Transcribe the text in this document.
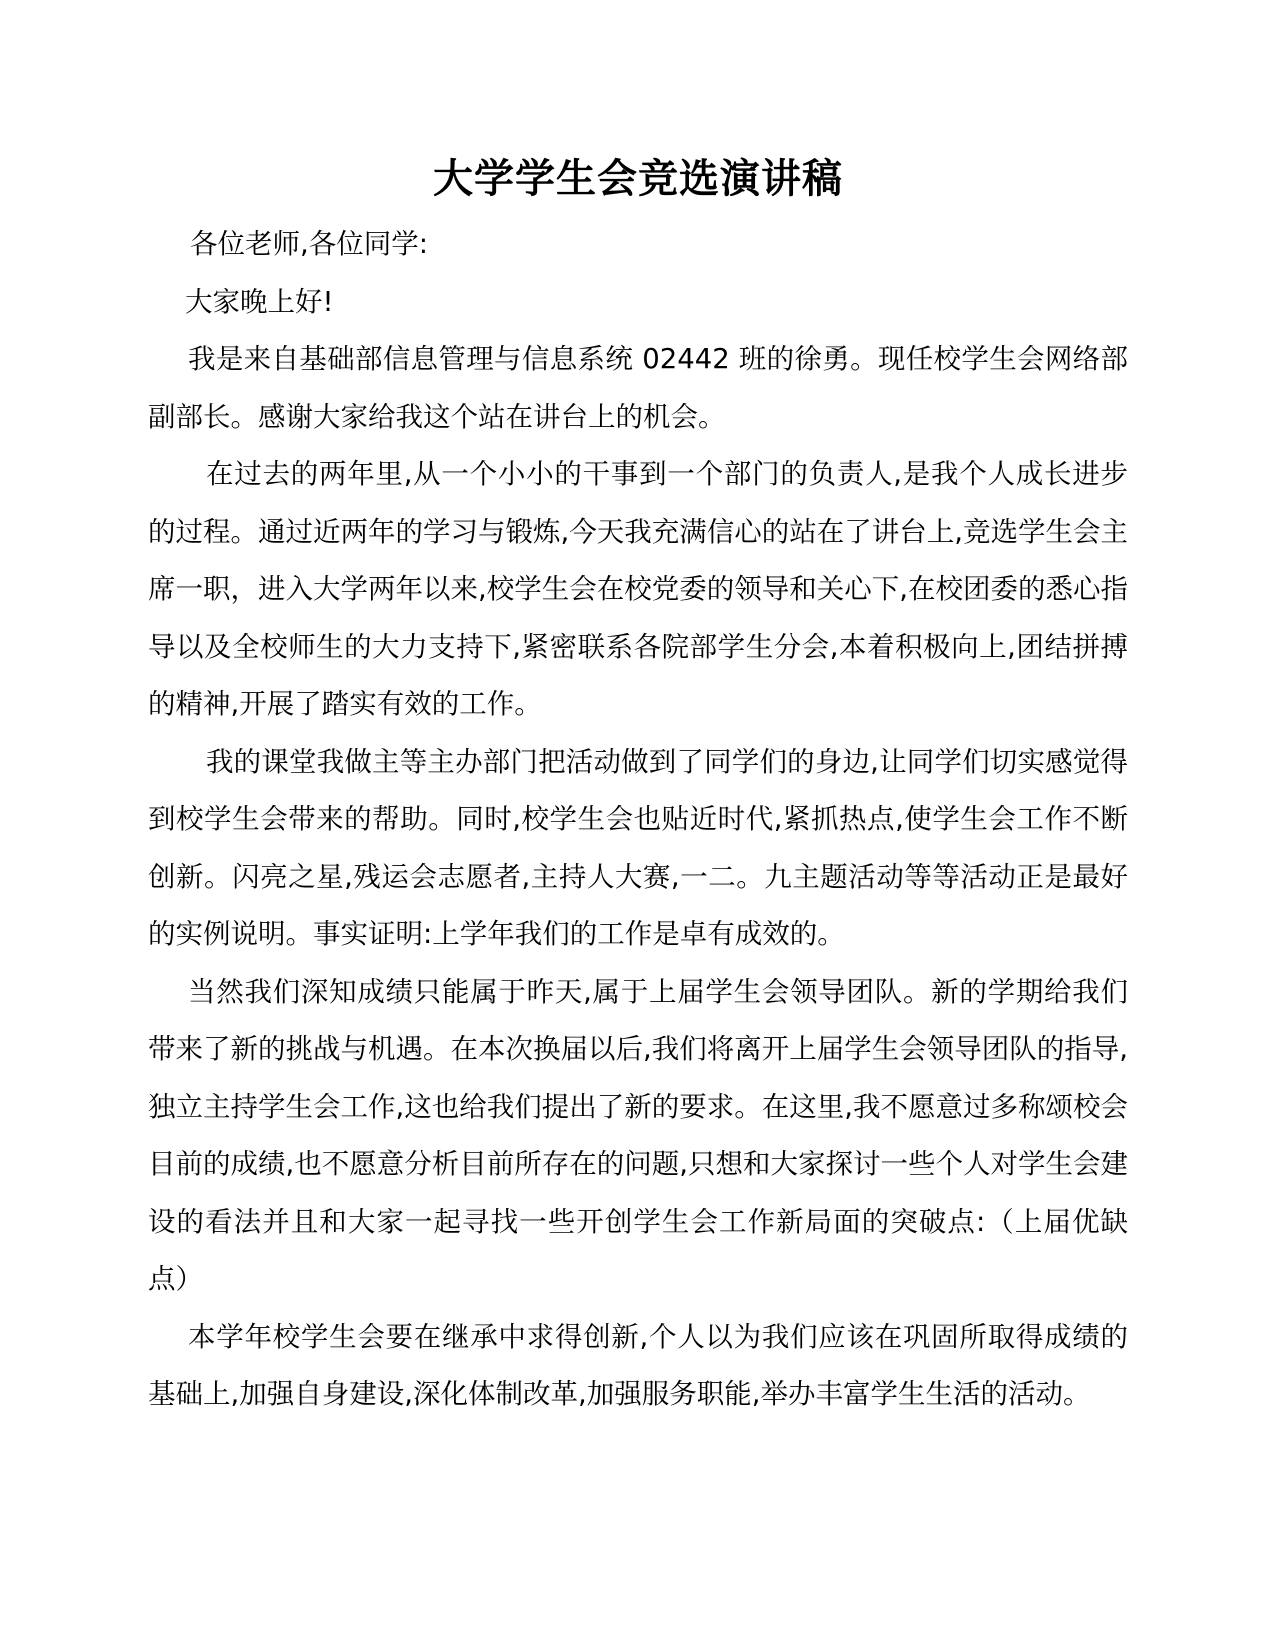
大学学生会竞选演讲稿

各位老师,各位同学:

大家晚上好!

我是来自基础部信息管理与信息系统 02442 班的徐勇。现任校学生会网络部副部长。感谢大家给我这个站在讲台上的机会。

在过去的两年里,从一个小小的干事到一个部门的负责人,是我个人成长进步的过程。通过近两年的学习与锻炼,今天我充满信心的站在了讲台上,竞选学生会主席一职，进入大学两年以来,校学生会在校党委的领导和关心下,在校团委的悉心指导以及全校师生的大力支持下,紧密联系各院部学生分会,本着积极向上,团结拼搏的精神,开展了踏实有效的工作。

我的课堂我做主等主办部门把活动做到了同学们的身边,让同学们切实感觉得到校学生会带来的帮助。同时,校学生会也贴近时代,紧抓热点,使学生会工作不断创新。闪亮之星,残运会志愿者,主持人大赛,一二。九主题活动等等活动正是最好的实例说明。事实证明:上学年我们的工作是卓有成效的。

当然我们深知成绩只能属于昨天,属于上届学生会领导团队。新的学期给我们带来了新的挑战与机遇。在本次换届以后,我们将离开上届学生会领导团队的指导,独立主持学生会工作,这也给我们提出了新的要求。在这里,我不愿意过多称颂校会目前的成绩,也不愿意分析目前所存在的问题,只想和大家探讨一些个人对学生会建设的看法并且和大家一起寻找一些开创学生会工作新局面的突破点:（上届优缺点）

本学年校学生会要在继承中求得创新,个人以为我们应该在巩固所取得成绩的基础上,加强自身建设,深化体制改革,加强服务职能,举办丰富学生生活的活动。
